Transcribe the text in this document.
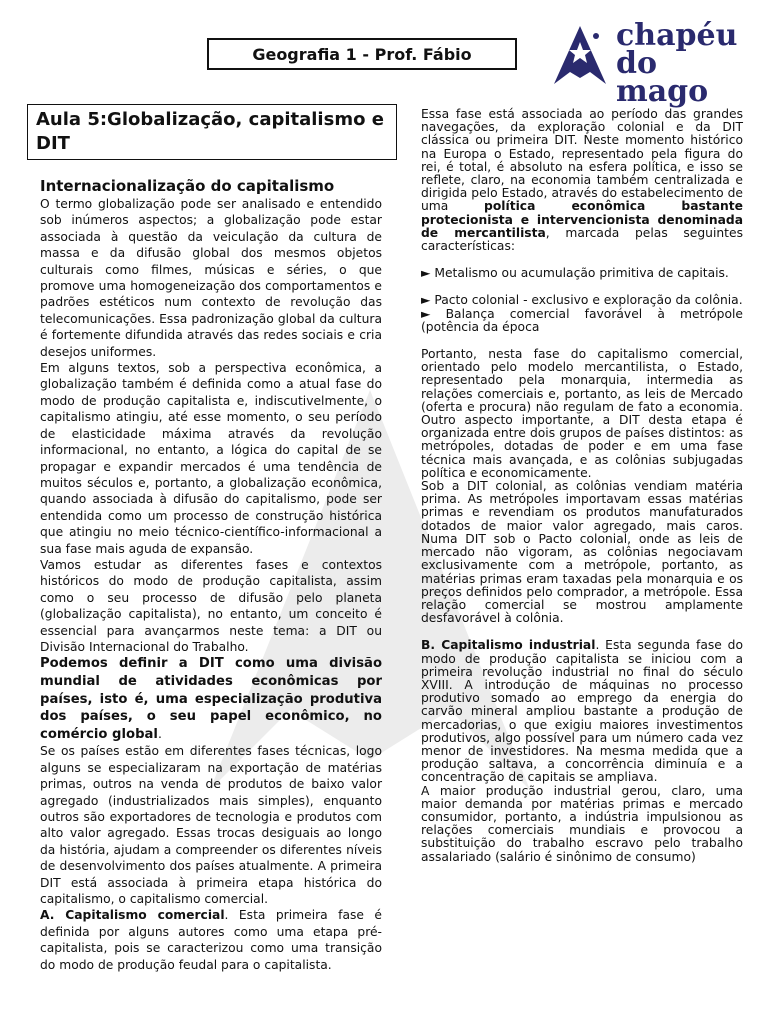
Geografia 1 - Prof. Fábio
chapéu
do mago
Aula 5:Globalização, capitalismo e DIT

Internacionalização do capitalismo

O termo globalização pode ser analisado e entendido sob inúmeros aspectos; a globalização pode estar associada à questão da veiculação da cultura de massa e da difusão global dos mesmos objetos culturais como filmes, músicas e séries, o que promove uma homogeneização dos comportamentos e padrões estéticos num contexto de revolução das telecomunicações. Essa padronização global da cultura é fortemente difundida através das redes sociais e cria desejos uniformes.

Em alguns textos, sob a perspectiva econômica, a globalização também é definida como a atual fase do modo de produção capitalista e, indiscutivelmente, o capitalismo atingiu, até esse momento, o seu período de elasticidade máxima através da revolução informacional, no entanto, a lógica do capital de se propagar e expandir mercados é uma tendência de muitos séculos e, portanto, a globalização econômica, quando associada à difusão do capitalismo, pode ser entendida como um processo de construção histórica que atingiu no meio técnico-científico-informacional a sua fase mais aguda de expansão.

Vamos estudar as diferentes fases e contextos históricos do modo de produção capitalista, assim como o seu processo de difusão pelo planeta (globalização capitalista), no entanto, um conceito é essencial para avançarmos neste tema: a DIT ou Divisão Internacional do Trabalho.

Podemos definir a DIT como uma divisão mundial de atividades econômicas por países, isto é, uma especialização produtiva dos países, o seu papel econômico, no comércio global.

Se os países estão em diferentes fases técnicas, logo alguns se especializaram na exportação de matérias primas, outros na venda de produtos de baixo valor agregado (industrializados mais simples), enquanto outros são exportadores de tecnologia e produtos com alto valor agregado. Essas trocas desiguais ao longo da história, ajudam a compreender os diferentes níveis de desenvolvimento dos países atualmente. A primeira DIT está associada à primeira etapa histórica do capitalismo, o capitalismo comercial.

A. Capitalismo comercial. Esta primeira fase é definida por alguns autores como uma etapa pré-capitalista, pois se caracterizou como uma transição do modo de produção feudal para o capitalista.

Essa fase está associada ao período das grandes navegações, da exploração colonial e da DIT clássica ou primeira DIT. Neste momento histórico na Europa o Estado, representado pela figura do rei, é total, é absoluto na esfera política, e isso se reflete, claro, na economia também centralizada e dirigida pelo Estado, através do estabelecimento de uma política econômica bastante protecionista e intervencionista denominada de mercantilista, marcada pelas seguintes características:

► Metalismo ou acumulação primitiva de capitais.

► Pacto colonial - exclusivo e exploração da colônia.

► Balança comercial favorável à metrópole (potência da época

Portanto, nesta fase do capitalismo comercial, orientado pelo modelo mercantilista, o Estado, representado pela monarquia, intermedia as relações comerciais e, portanto, as leis de Mercado (oferta e procura) não regulam de fato a economia. Outro aspecto importante, a DIT desta etapa é organizada entre dois grupos de países distintos: as metrópoles, dotadas de poder e em uma fase técnica mais avançada, e as colônias subjugadas política e economicamente.

Sob a DIT colonial, as colônias vendiam matéria prima. As metrópoles importavam essas matérias primas e revendiam os produtos manufaturados dotados de maior valor agregado, mais caros. Numa DIT sob o Pacto colonial, onde as leis de mercado não vigoram, as colônias negociavam exclusivamente com a metrópole, portanto, as matérias primas eram taxadas pela monarquia e os preços definidos pelo comprador, a metrópole. Essa relação comercial se mostrou amplamente desfavorável à colônia.

B. Capitalismo industrial. Esta segunda fase do modo de produção capitalista se iniciou com a primeira revolução industrial no final do século XVIII. A introdução de máquinas no processo produtivo somado ao emprego da energia do carvão mineral ampliou bastante a produção de mercadorias, o que exigiu maiores investimentos produtivos, algo possível para um número cada vez menor de investidores. Na mesma medida que a produção saltava, a concorrência diminuía e a concentração de capitais se ampliava.

A maior produção industrial gerou, claro, uma maior demanda por matérias primas e mercado consumidor, portanto, a indústria impulsionou as relações comerciais mundiais e provocou a substituição do trabalho escravo pelo trabalho assalariado (salário é sinônimo de consumo)
